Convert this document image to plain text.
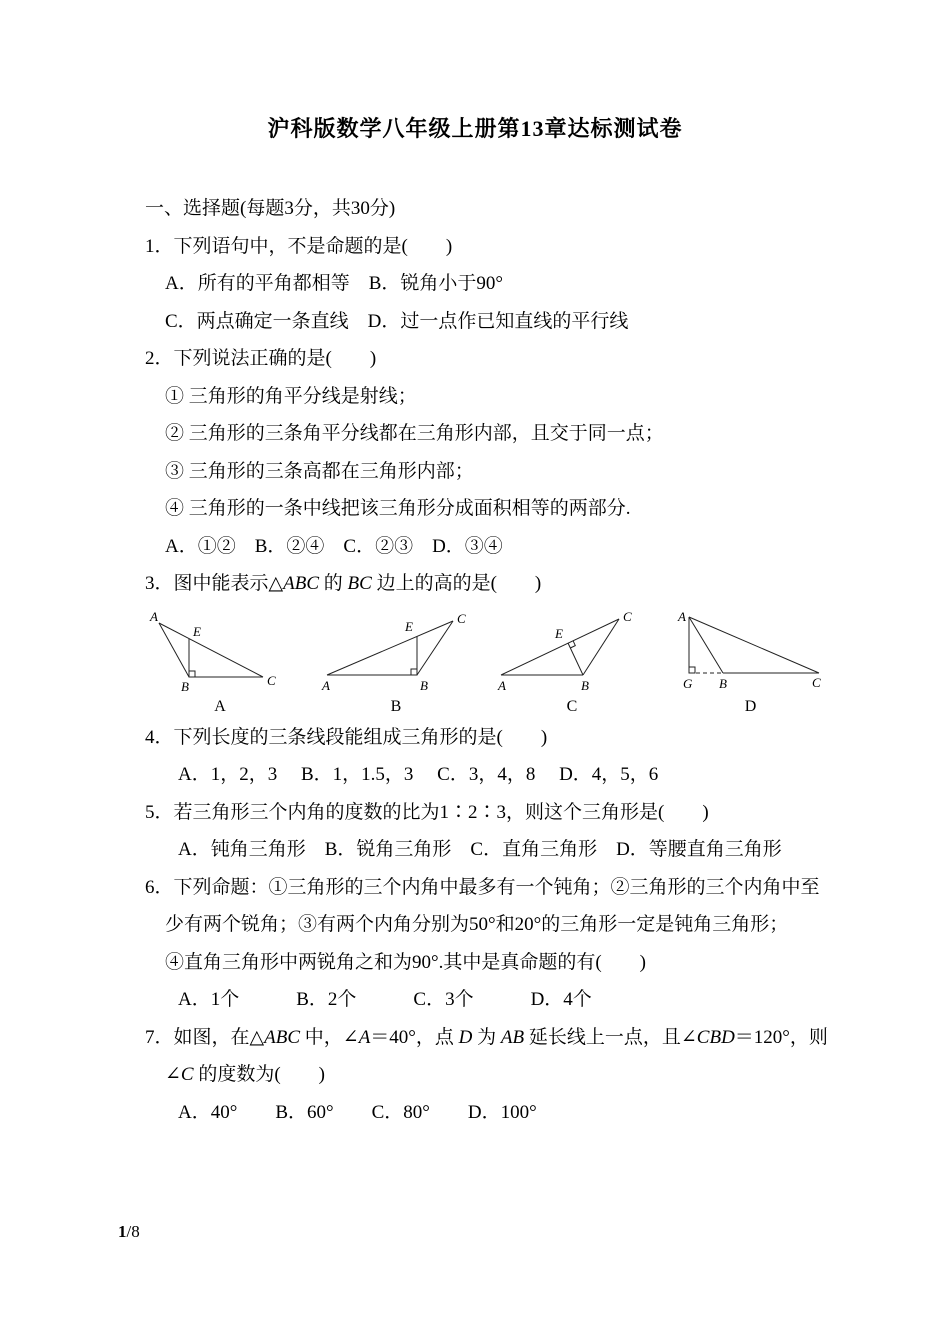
沪科版数学八年级上册第13章达标测试卷

一、选择题(每题3分，共30分)

1．下列语句中，不是命题的是(　　)

A．所有的平角都相等　B．锐角小于90°

C．两点确定一条直线　D．过一点作已知直线的平行线

2．下列说法正确的是(　　)

① 三角形的角平分线是射线；

② 三角形的三条角平分线都在三角形内部，且交于同一点；

③ 三角形的三条高都在三角形内部；

④ 三角形的一条中线把该三角形分成面积相等的两部分.

A．①②　B．②④　C．②③　D．③④

3．图中能表示△ABC 的 BC 边上的高的是(　　)

A
E
B	C
A
A
E
B
C
B
A
E
B
C
C
A
G B	C
D

4．下列长度的三条线段能组成三角形的是(　　)

A．1，2，3　 B．1，1.5，3　 C．3，4，8　 D．4，5，6

5．若三角形三个内角的度数的比为1∶2∶3，则这个三角形是(　　)

A．钝角三角形　B．锐角三角形　C．直角三角形　D．等腰直角三角形

6．下列命题：①三角形的三个内角中最多有一个钝角；②三角形的三个内角中至

少有两个锐角；③有两个内角分别为50°和20°的三角形一定是钝角三角形；

④直角三角形中两锐角之和为90°.其中是真命题的有(　　)

A．1个　　　B．2个　　　C．3个　　　D．4个

7．如图，在△ABC 中，∠A＝40°，点 D 为 AB 延长线上一点，且∠CBD＝120°，则

∠C 的度数为(　　)

A．40°　　B．60°　　C．80°　　D．100°

1/8
